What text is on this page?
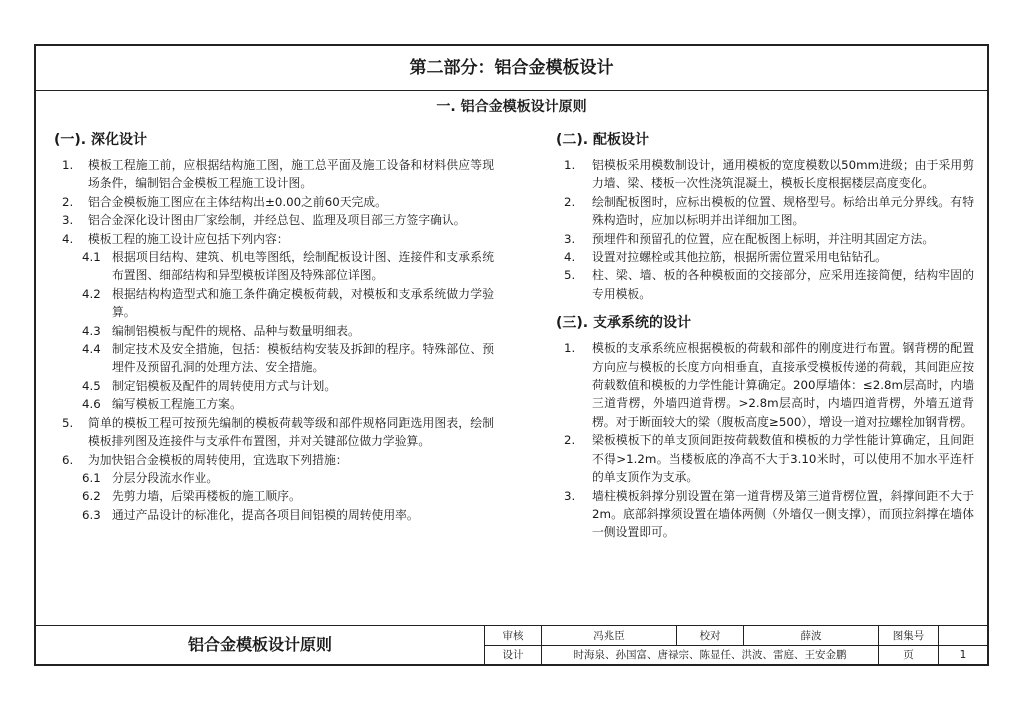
第二部分：铝合金模板设计
一. 铝合金模板设计原则
(一). 深化设计
1.	模板工程施工前，应根据结构施工图，施工总平面及施工设备和材料供应等现场条件，编制铝合金模板工程施工设计图。
2.	铝合金模板施工图应在主体结构出±0.00之前60天完成。
3.	铝合金深化设计图由厂家绘制，并经总包、监理及项目部三方签字确认。
4.	模板工程的施工设计应包括下列内容：
4.1 根据项目结构、建筑、机电等图纸，绘制配板设计图、连接件和支承系统布置图、细部结构和异型模板详图及特殊部位详图。
4.2 根据结构构造型式和施工条件确定模板荷载，对模板和支承系统做力学验算。
4.3 编制铝模板与配件的规格、品种与数量明细表。
4.4 制定技术及安全措施，包括：模板结构安装及拆卸的程序。特殊部位、预埋件及预留孔洞的处理方法、安全措施。
4.5 制定铝模板及配件的周转使用方式与计划。
4.6 编写模板工程施工方案。
5.	简单的模板工程可按预先编制的模板荷载等级和部件规格同距选用图表，绘制模板排列图及连接件与支承件布置图，并对关键部位做力学验算。
6.	为加快铝合金模板的周转使用，宜选取下列措施：
6.1 分层分段流水作业。
6.2 先剪力墙，后梁再楼板的施工顺序。
6.3 通过产品设计的标准化，提高各项目间铝模的周转使用率。
(二). 配板设计
1.	铝模板采用模数制设计，通用模板的宽度模数以50mm进级；由于采用剪力墙、梁、楼板一次性浇筑混凝土，模板长度根据楼层高度变化。
2.	绘制配板图时，应标出模板的位置、规格型号。标给出单元分界线。有特殊构造时，应加以标明并出详细加工图。
3.	预埋件和预留孔的位置，应在配板图上标明，并注明其固定方法。
4.	设置对拉螺栓或其他拉筋，根据所需位置采用电钻钻孔。
5.	柱、梁、墙、板的各种模板面的交接部分，应采用连接简便，结构牢固的专用模板。
(三). 支承系统的设计
1.	模板的支承系统应根据模板的荷载和部件的刚度进行布置。钢背楞的配置方向应与模板的长度方向相垂直，直接承受模板传递的荷载，其间距应按荷载数值和模板的力学性能计算确定。200厚墙体：≤2.8m层高时，内墙三道背楞，外墙四道背楞。>2.8m层高时，内墙四道背楞，外墙五道背楞。对于断面较大的梁（腹板高度≥500），增设一道对拉螺栓加钢背楞。
2.	梁板模板下的单支顶间距按荷载数值和模板的力学性能计算确定，且间距不得>1.2m。当楼板底的净高不大于3.10米时，可以使用不加水平连杆的单支顶作为支承。
3.	墙柱模板斜撑分别设置在第一道背楞及第三道背楞位置，斜撑间距不大于2m。底部斜撑须设置在墙体两侧（外墙仅一侧支撑），而顶拉斜撑在墙体一侧设置即可。
铝合金模板设计原则	审核	冯兆臣	校对	薛波	图集号	
设计	时海泉、孙国富、唐禄宗、陈显任、洪波、雷庭、王安金鹏			页	1
